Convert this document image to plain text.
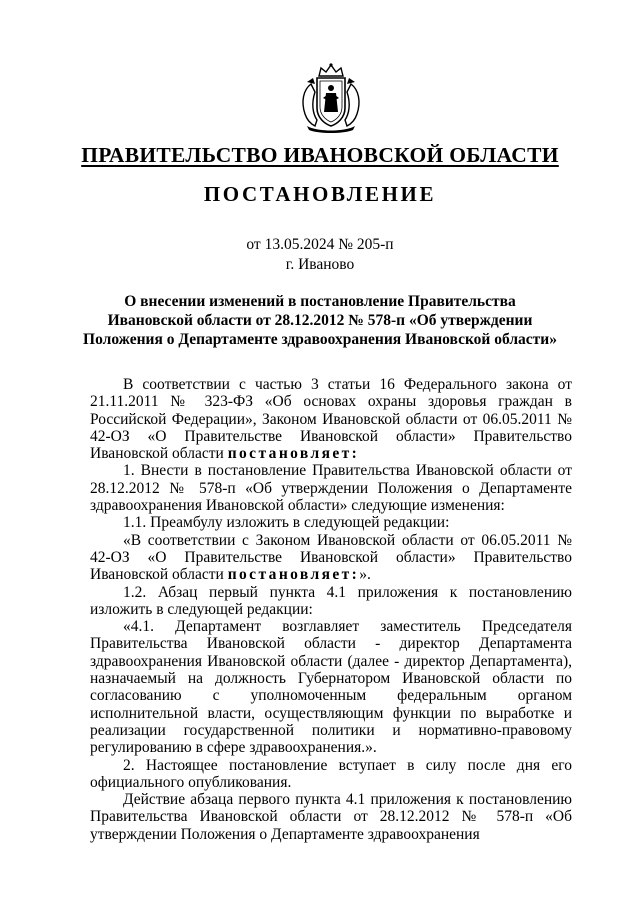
ПРАВИТЕЛЬСТВО ИВАНОВСКОЙ ОБЛАСТИ
ПОСТАНОВЛЕНИЕ
от 13.05.2024 № 205-п
г. Иваново
О внесении изменений в постановление Правительства
Ивановской области от 28.12.2012 № 578-п «Об утверждении
Положения о Департаменте здравоохранения Ивановской области»
В соответствии с частью 3 статьи 16 Федерального закона от 21.11.2011 № 323-ФЗ «Об основах охраны здоровья граждан в Российской Федерации», Законом Ивановской области от 06.05.2011 № 42-ОЗ «О Правительстве Ивановской области» Правительство Ивановской области постановляет:
1. Внести в постановление Правительства Ивановской области от 28.12.2012 № 578-п «Об утверждении Положения о Департаменте здравоохранения Ивановской области» следующие изменения:
1.1. Преамбулу изложить в следующей редакции:
«В соответствии с Законом Ивановской области от 06.05.2011 № 42-ОЗ «О Правительстве Ивановской области» Правительство Ивановской области постановляет:».
1.2. Абзац первый пункта 4.1 приложения к постановлению изложить в следующей редакции:
«4.1. Департамент возглавляет заместитель Председателя Правительства Ивановской области - директор Департамента здравоохранения Ивановской области (далее - директор Департамента), назначаемый на должность Губернатором Ивановской области по согласованию с уполномоченным федеральным органом исполнительной власти, осуществляющим функции по выработке и реализации государственной политики и нормативно-правовому регулированию в сфере здравоохранения.».
2. Настоящее постановление вступает в силу после дня его официального опубликования.
Действие абзаца первого пункта 4.1 приложения к постановлению Правительства Ивановской области от 28.12.2012 № 578-п «Об утверждении Положения о Департаменте здравоохранения
